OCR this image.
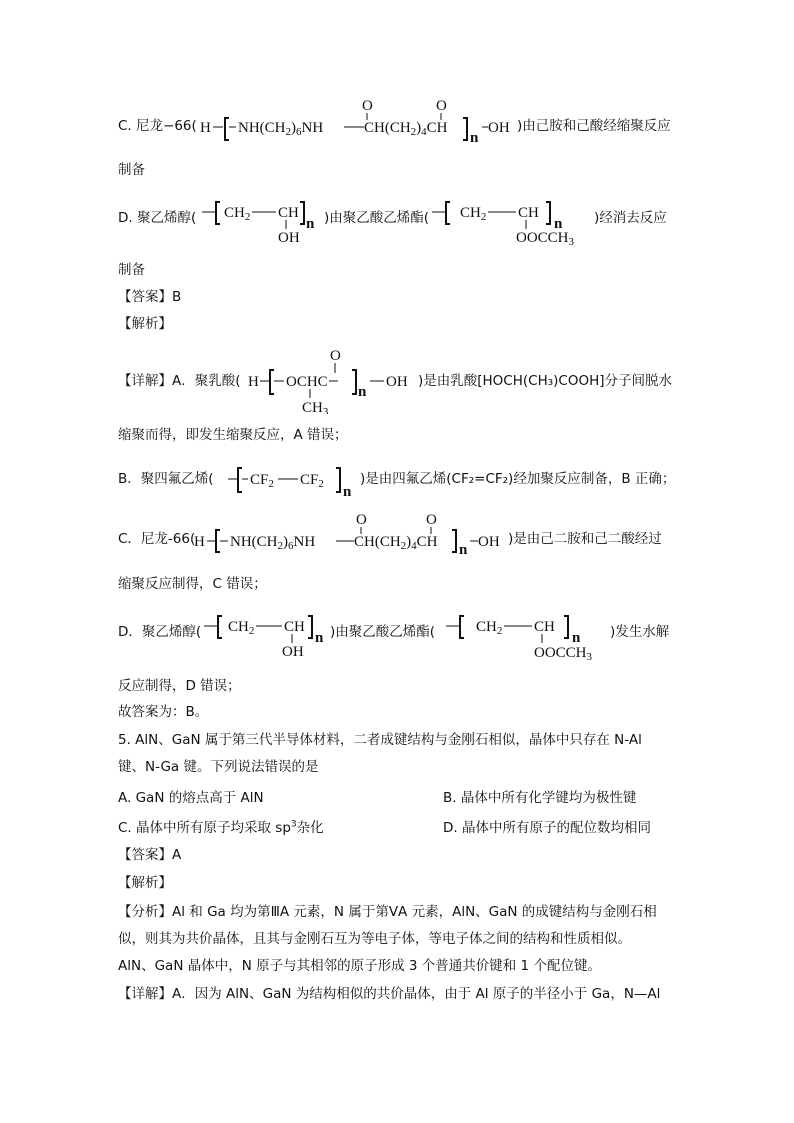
C. 尼龙−66( H $NH(CH_2)_6NH$
O
$CH(CH_2)_4CH$
O
n
OH )由己胺和己酸经缩聚反应
制备
D. 聚乙烯醇( $CH_2$ CH
OH
n )由聚乙酸乙烯酯( $CH_2$ CH
n
$OOCCH_3$
)经消去反应
制备
【答案】B
【解析】
【详解】A．聚乳酸( H OCHC
O
$CH_3$
n
OH )是由乳酸[HOCH(CH₃)COOH]分子间脱水
缩聚而得，即发生缩聚反应，A 错误；
B．聚四氟乙烯( $CF_2$ $CF_2$ n
)是由四氟乙烯(CF₂=CF₂)经加聚反应制备，B 正确；
C．尼龙-66(
H $NH(CH_2)_6NH$
O
$CH(CH_2)_4CH$
O
n OH )是由己二胺和己二酸经过
缩聚反应制得，C 错误；
D．聚乙烯醇( $CH_2$ CH
OH
n )由聚乙酸乙烯酯(	$CH_2$ CH
n
$OOCCH_3$
)发生水解
反应制得，D 错误；
故答案为：B。
5. AlN、GaN 属于第三代半导体材料，二者成键结构与金刚石相似，晶体中只存在 N-Al
键、N-Ga 键。下列说法错误的是
A. GaN 的熔点高于 AlN	B. 晶体中所有化学键均为极性键
C. 晶体中所有原子均采取 $sp^3$杂化	D. 晶体中所有原子的配位数均相同
【答案】A
【解析】
【分析】Al 和 Ga 均为第ⅢA 元素，N 属于第ⅤA 元素，AlN、GaN 的成键结构与金刚石相
似，则其为共价晶体，且其与金刚石互为等电子体，等电子体之间的结构和性质相似。
AlN、GaN 晶体中，N 原子与其相邻的原子形成 3 个普通共价键和 1 个配位键。
【详解】A．因为 AlN、GaN 为结构相似的共价晶体，由于 Al 原子的半径小于 Ga，N—Al
